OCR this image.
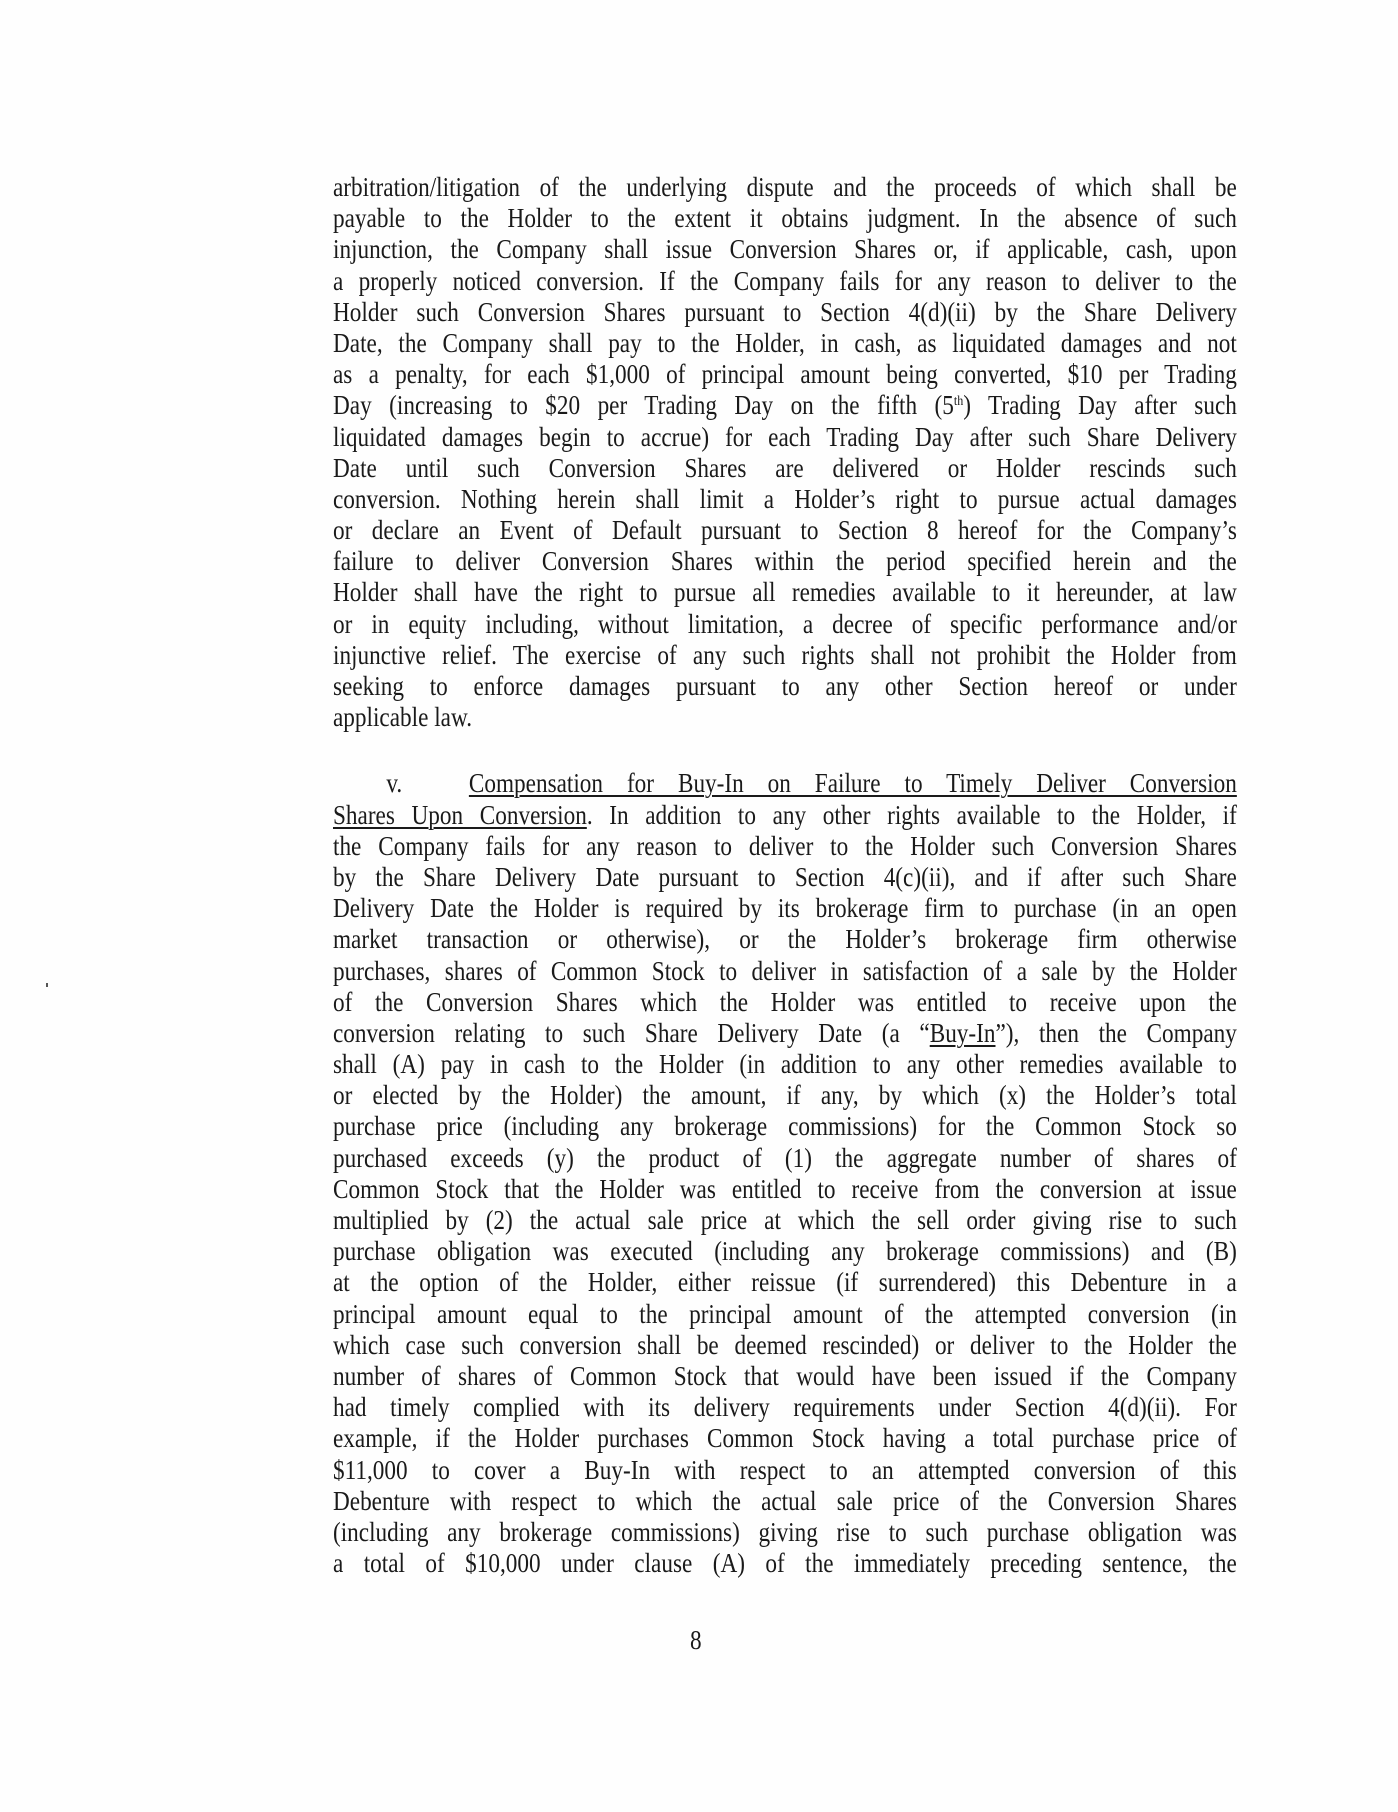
arbitration/litigation of the underlying dispute and the proceeds of which shall be
payable to the Holder to the extent it obtains judgment. In the absence of such
injunction, the Company shall issue Conversion Shares or, if applicable, cash, upon
a properly noticed conversion. If the Company fails for any reason to deliver to the
Holder such Conversion Shares pursuant to Section 4(d)(ii) by the Share Delivery
Date, the Company shall pay to the Holder, in cash, as liquidated damages and not
as a penalty, for each $1,000 of principal amount being converted, $10 per Trading
Day (increasing to $20 per Trading Day on the fifth (5th) Trading Day after such
liquidated damages begin to accrue) for each Trading Day after such Share Delivery
Date until such Conversion Shares are delivered or Holder rescinds such
conversion. Nothing herein shall limit a Holder’s right to pursue actual damages
or declare an Event of Default pursuant to Section 8 hereof for the Company’s
failure to deliver Conversion Shares within the period specified herein and the
Holder shall have the right to pursue all remedies available to it hereunder, at law
or in equity including, without limitation, a decree of specific performance and/or
injunctive relief. The exercise of any such rights shall not prohibit the Holder from
seeking to enforce damages pursuant to any other Section hereof or under
applicable law.
v. Compensation for Buy-In on Failure to Timely Deliver Conversion
Shares Upon Conversion. In addition to any other rights available to the Holder, if
the Company fails for any reason to deliver to the Holder such Conversion Shares
by the Share Delivery Date pursuant to Section 4(c)(ii), and if after such Share
Delivery Date the Holder is required by its brokerage firm to purchase (in an open
market transaction or otherwise), or the Holder’s brokerage firm otherwise
purchases, shares of Common Stock to deliver in satisfaction of a sale by the Holder
of the Conversion Shares which the Holder was entitled to receive upon the
conversion relating to such Share Delivery Date (a “Buy-In”), then the Company
shall (A) pay in cash to the Holder (in addition to any other remedies available to
or elected by the Holder) the amount, if any, by which (x) the Holder’s total
purchase price (including any brokerage commissions) for the Common Stock so
purchased exceeds (y) the product of (1) the aggregate number of shares of
Common Stock that the Holder was entitled to receive from the conversion at issue
multiplied by (2) the actual sale price at which the sell order giving rise to such
purchase obligation was executed (including any brokerage commissions) and (B)
at the option of the Holder, either reissue (if surrendered) this Debenture in a
principal amount equal to the principal amount of the attempted conversion (in
which case such conversion shall be deemed rescinded) or deliver to the Holder the
number of shares of Common Stock that would have been issued if the Company
had timely complied with its delivery requirements under Section 4(d)(ii). For
example, if the Holder purchases Common Stock having a total purchase price of
$11,000 to cover a Buy-In with respect to an attempted conversion of this
Debenture with respect to which the actual sale price of the Conversion Shares
(including any brokerage commissions) giving rise to such purchase obligation was
a total of $10,000 under clause (A) of the immediately preceding sentence, the
8
